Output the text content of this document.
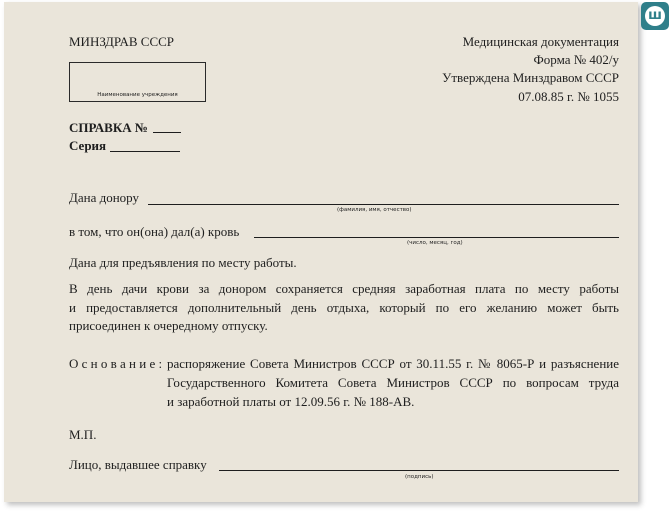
ш
МИНЗДРАВ СССР	Медицинская документация
Форма № 402/у
Утверждена Минздравом СССР
07.08.85 г. № 1055
Наименование учреждения
СПРАВКА №
Серия
Дана донору
(фамилия, имя, отчество)
в том, что он(она) дал(а) кровь
(число, месяц, год)
Дана для предъявления по месту работы.
В день дачи крови за донором сохраняется средняя заработная плата по месту работы
и предоставляется дополнительный день отдыха, который по его желанию может быть
присоединен к очередному отпуску.
О с н о в а н и е : распоряжение Совета Министров СССР от 30.11.55 г. № 8065-Р и разъяснение
Государственного Комитета Совета Министров СССР по вопросам труда
и заработной платы от 12.09.56 г. № 188-АВ.
М.П.
Лицо, выдавшее справку
(подпись)
